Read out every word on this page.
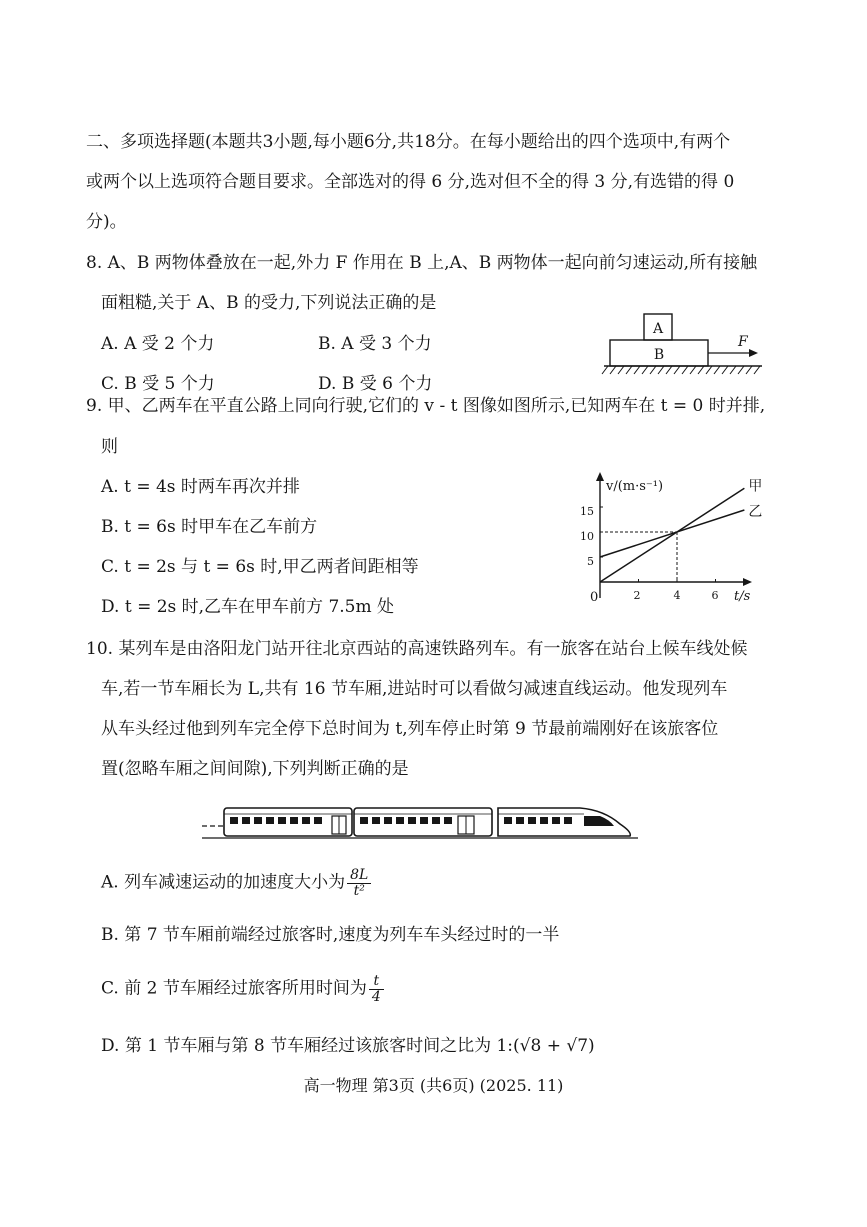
二、多项选择题(本题共3小题,每小题6分,共18分。在每小题给出的四个选项中,有两个
或两个以上选项符合题目要求。全部选对的得 6 分,选对但不全的得 3 分,有选错的得 0
分)。
8. A、B 两物体叠放在一起,外力 F 作用在 B 上,A、B 两物体一起向前匀速运动,所有接触
面粗糙,关于 A、B 的受力,下列说法正确的是
A. A 受 2 个力	B. A 受 3 个力
C. B 受 5 个力	D. B 受 6 个力
A
B
F
9. 甲、乙两车在平直公路上同向行驶,它们的 v - t 图像如图所示,已知两车在 t = 0 时并排,
则
A. t = 4s 时两车再次并排
B. t = 6s 时甲车在乙车前方
C. t = 2s 与 t = 6s 时,甲乙两者间距相等
D. t = 2s 时,乙车在甲车前方 7.5m 处
v/(m·s⁻¹)
t/s
0	2	4	6
5
10
15
甲
乙
10. 某列车是由洛阳龙门站开往北京西站的高速铁路列车。有一旅客在站台上候车线处候
车,若一节车厢长为 L,共有 16 节车厢,进站时可以看做匀减速直线运动。他发现列车
从车头经过他到列车完全停下总时间为 t,列车停止时第 9 节最前端刚好在该旅客位
置(忽略车厢之间间隙),下列判断正确的是
A. 列车减速运动的加速度大小为 $\frac{8L}{\text{t²}}$
B. 第 7 节车厢前端经过旅客时,速度为列车车头经过时的一半
C. 前 2 节车厢经过旅客所用时间为 $\frac{t}{4}$
D. 第 1 节车厢与第 8 节车厢经过该旅客时间之比为 1:(√8 + √7)
高一物理 第3页 (共6页) (2025. 11)
